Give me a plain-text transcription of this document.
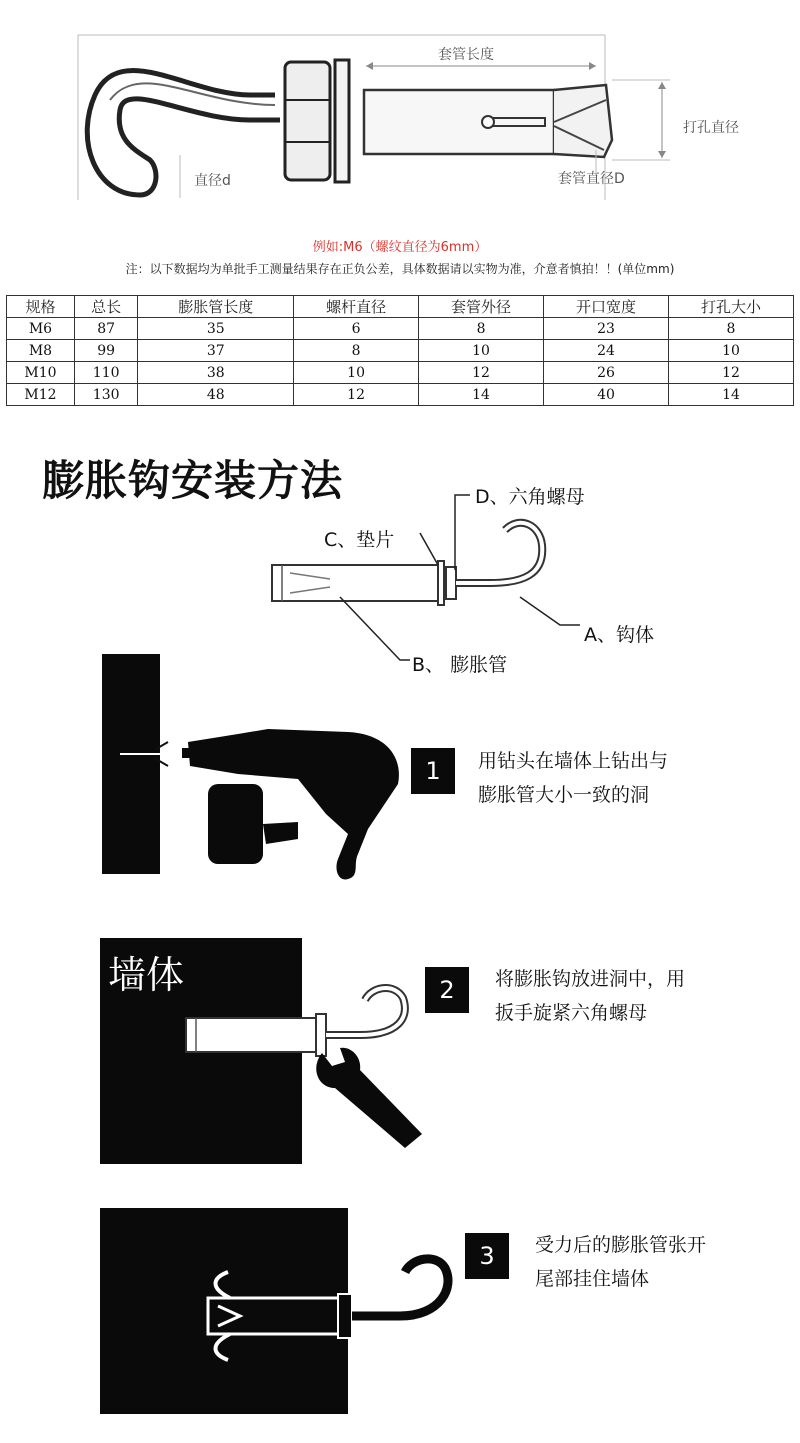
套管长度
打孔直径
直径d	套管直径D
例如:M6（螺纹直径为6mm）
注：以下数据均为单批手工测量结果存在正负公差，具体数据请以实物为准，介意者慎拍！！(单位mm)
规格	总长	膨胀管长度	螺杆直径	套管外径	开口宽度	打孔大小
M6	87	35	6	8	23	8
M8	99	37	8	10	24	10
M10	110	38	10	12	26	12
M12	130	48	12	14	40	14
膨胀钩安装方法	D、六角螺母
C、垫片
A、钩体
B、 膨胀管
1	用钻头在墙体上钻出与
膨胀管大小一致的洞
墙体	2	将膨胀钩放进洞中，用
扳手旋紧六角螺母
3	受力后的膨胀管张开
尾部挂住墙体
